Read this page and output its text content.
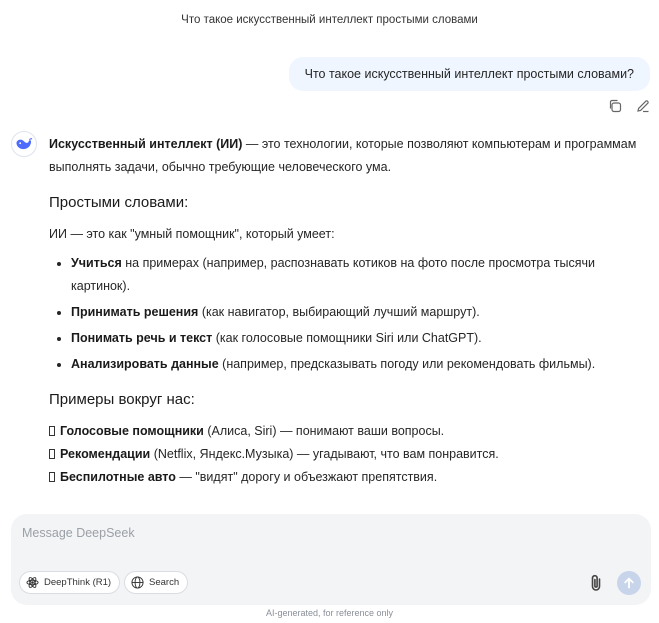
Что такое искусственный интеллект простыми словами
Что такое искусственный интеллект простыми словами?

Искусственный интеллект (ИИ) — это технологии, которые позволяют компьютерам и программам выполнять задачи, обычно требующие человеческого ума.

Простыми словами:

ИИ — это как "умный помощник", который умеет:

Учиться на примерах (например, распознавать котиков на фото после просмотра тысячи картинок).
Принимать решения (как навигатор, выбирающий лучший маршрут).
Понимать речь и текст (как голосовые помощники Siri или ChatGPT).
Анализировать данные (например, предсказывать погоду или рекомендовать фильмы).
Примеры вокруг нас:
Голосовые помощники (Алиса, Siri) — понимают ваши вопросы.
Рекомендации (Netflix, Яндекс.Музыка) — угадывают, что вам понравится.
Беспилотные авто — "видят" дорогу и объезжают препятствия.
Message DeepSeek
DeepThink (R1)	Search
AI-generated, for reference only
